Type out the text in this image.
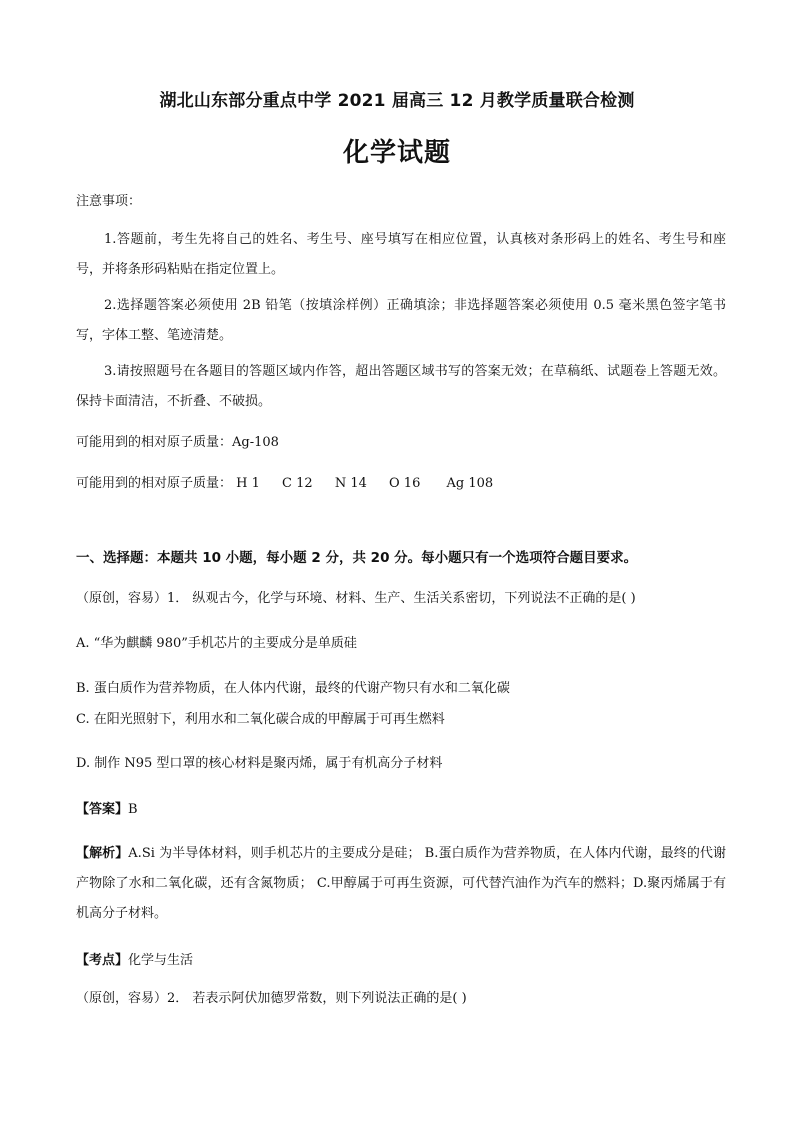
湖北山东部分重点中学 2021 届高三 12 月教学质量联合检测
化学试题
注意事项：
1.答题前，考生先将自己的姓名、考生号、座号填写在相应位置，认真核对条形码上的姓名、考生号和座号，并将条形码粘贴在指定位置上。
2.选择题答案必须使用 2B 铅笔（按填涂样例）正确填涂；非选择题答案必须使用 0.5 毫米黑色签字笔书写，字体工整、笔迹清楚。
3.请按照题号在各题目的答题区域内作答，超出答题区域书写的答案无效；在草稿纸、试题卷上答题无效。保持卡面清洁，不折叠、不破损。
可能用到的相对原子质量：Ag-108
可能用到的相对原子质量： H 1 C 12 N 14 O 16 Ag 108
一、选择题：本题共 10 小题，每小题 2 分，共 20 分。每小题只有一个选项符合题目要求。
（原创，容易）1． 纵观古今，化学与环境、材料、生产、生活关系密切，下列说法不正确的是( )
A. “华为麒麟 980”手机芯片的主要成分是单质硅
B. 蛋白质作为营养物质，在人体内代谢，最终的代谢产物只有水和二氧化碳
C. 在阳光照射下，利用水和二氧化碳合成的甲醇属于可再生燃料
D. 制作 N95 型口罩的核心材料是聚丙烯，属于有机高分子材料
【答案】B
【解析】A.Si 为半导体材料，则手机芯片的主要成分是硅； B.蛋白质作为营养物质，在人体内代谢，最终的代谢产物除了水和二氧化碳，还有含氮物质； C.甲醇属于可再生资源，可代替汽油作为汽车的燃料；D.聚丙烯属于有机高分子材料。
【考点】化学与生活
（原创，容易）2． 若表示阿伏加德罗常数，则下列说法正确的是( )
